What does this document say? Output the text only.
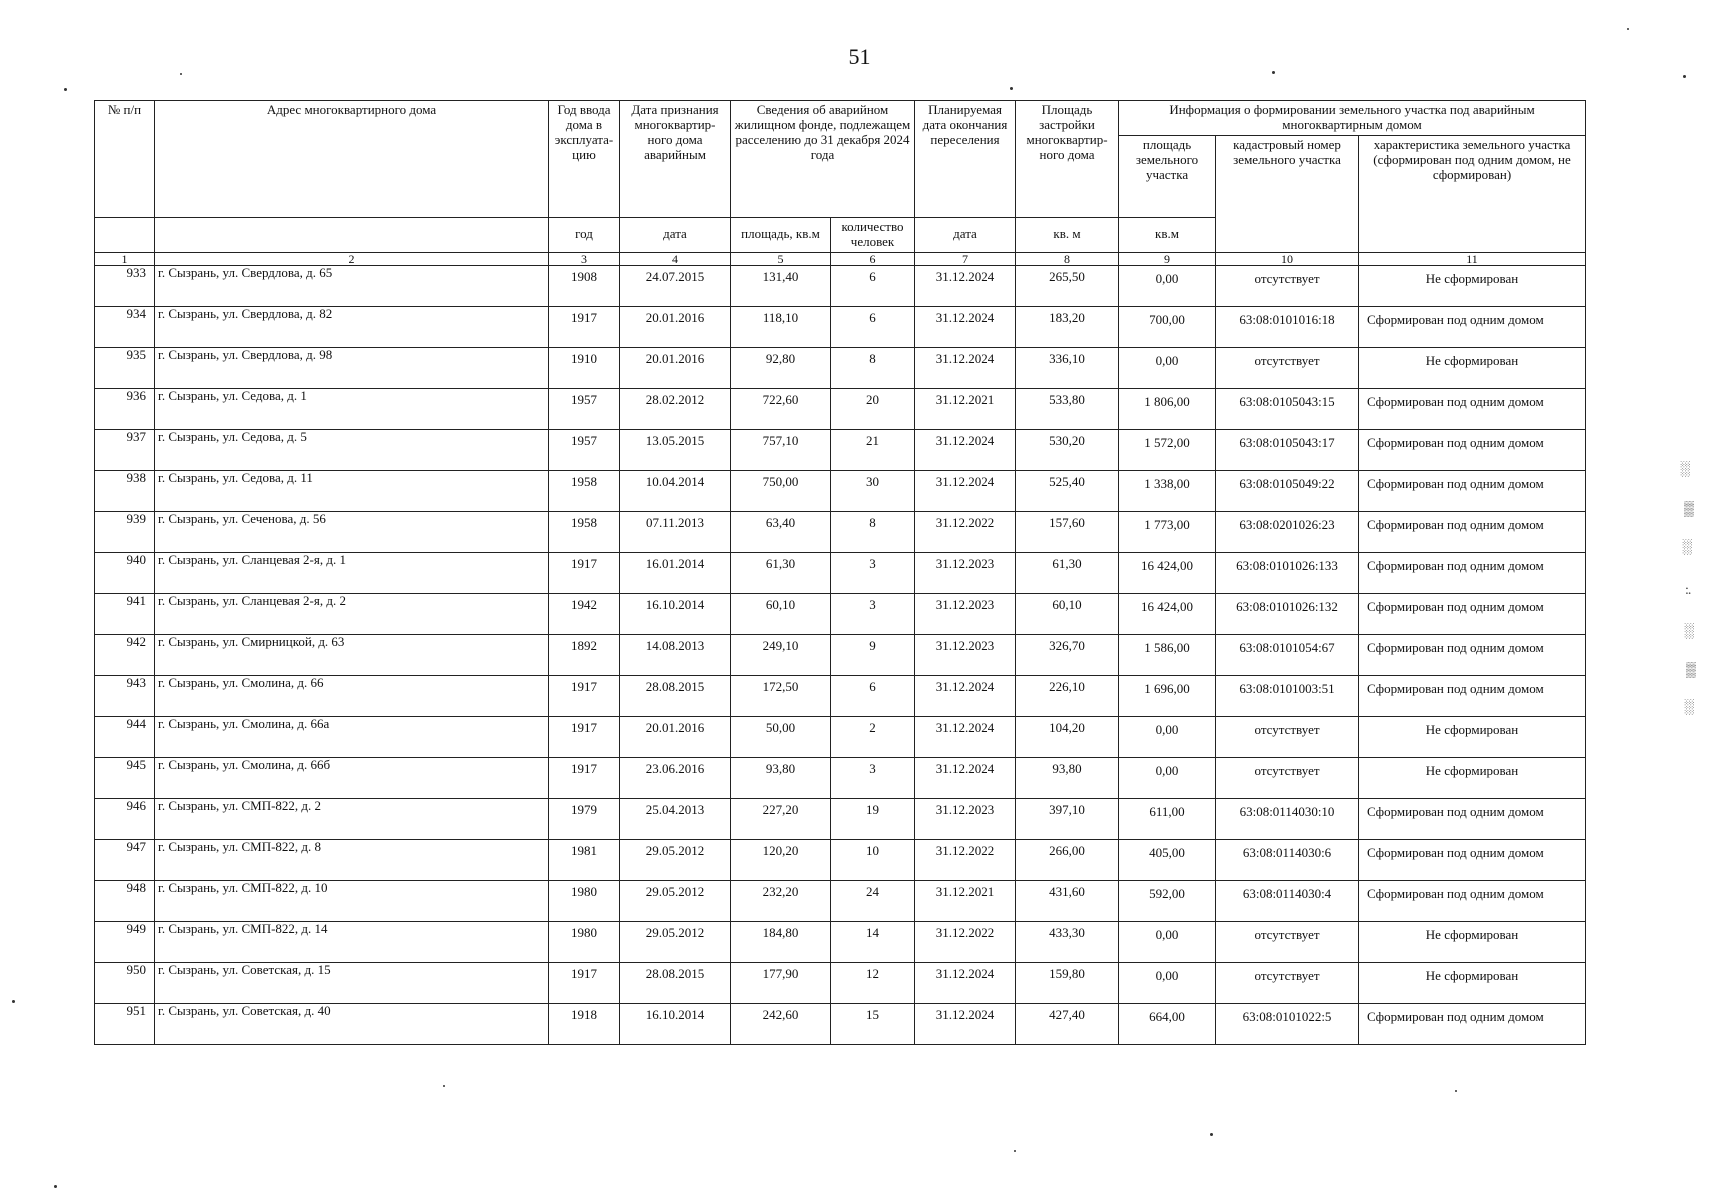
51
№ п/п	Адрес многоквартирного дома	Год ввода дома в эксплуата- цию	Дата признания многоквартир- ного дома аварийным	Сведения об аварийном жилищном фонде, подлежащем расселению до 31 декабря 2024 года		Планируемая дата окончания переселения	Площадь застройки многоквартир- ного дома	Информация о формировании земельного участка под аварийным многоквартирным домом		
								площадь земельного участка	кадастровый номер земельного участка	характеристика земельного участка (сформирован под одним домом, не сформирован)
		год	дата	площадь, кв.м	количество человек	дата	кв. м	кв.м		
1	2	3	4	5	6	7	8	9	10	11
933	г. Сызрань, ул. Свердлова, д. 65	1908	24.07.2015	131,40	6	31.12.2024	265,50	0,00	отсутствует	Не сформирован
934	г. Сызрань, ул. Свердлова, д. 82	1917	20.01.2016	118,10	6	31.12.2024	183,20	700,00	63:08:0101016:18	Сформирован под одним домом
935	г. Сызрань, ул. Свердлова, д. 98	1910	20.01.2016	92,80	8	31.12.2024	336,10	0,00	отсутствует	Не сформирован
936	г. Сызрань, ул. Седова, д. 1	1957	28.02.2012	722,60	20	31.12.2021	533,80	1 806,00	63:08:0105043:15	Сформирован под одним домом
937	г. Сызрань, ул. Седова, д. 5	1957	13.05.2015	757,10	21	31.12.2024	530,20	1 572,00	63:08:0105043:17	Сформирован под одним домом
938	г. Сызрань, ул. Седова, д. 11	1958	10.04.2014	750,00	30	31.12.2024	525,40	1 338,00	63:08:0105049:22	Сформирован под одним домом
939	г. Сызрань, ул. Сеченова, д. 56	1958	07.11.2013	63,40	8	31.12.2022	157,60	1 773,00	63:08:0201026:23	Сформирован под одним домом
940	г. Сызрань, ул. Сланцевая 2-я, д. 1	1917	16.01.2014	61,30	3	31.12.2023	61,30	16 424,00	63:08:0101026:133	Сформирован под одним домом
941	г. Сызрань, ул. Сланцевая 2-я, д. 2	1942	16.10.2014	60,10	3	31.12.2023	60,10	16 424,00	63:08:0101026:132	Сформирован под одним домом
942	г. Сызрань, ул. Смирницкой, д. 63	1892	14.08.2013	249,10	9	31.12.2023	326,70	1 586,00	63:08:0101054:67	Сформирован под одним домом
943	г. Сызрань, ул. Смолина, д. 66	1917	28.08.2015	172,50	6	31.12.2024	226,10	1 696,00	63:08:0101003:51	Сформирован под одним домом
944	г. Сызрань, ул. Смолина, д. 66а	1917	20.01.2016	50,00	2	31.12.2024	104,20	0,00	отсутствует	Не сформирован
945	г. Сызрань, ул. Смолина, д. 66б	1917	23.06.2016	93,80	3	31.12.2024	93,80	0,00	отсутствует	Не сформирован
946	г. Сызрань, ул. СМП-822, д. 2	1979	25.04.2013	227,20	19	31.12.2023	397,10	611,00	63:08:0114030:10	Сформирован под одним домом
947	г. Сызрань, ул. СМП-822, д. 8	1981	29.05.2012	120,20	10	31.12.2022	266,00	405,00	63:08:0114030:6	Сформирован под одним домом
948	г. Сызрань, ул. СМП-822, д. 10	1980	29.05.2012	232,20	24	31.12.2021	431,60	592,00	63:08:0114030:4	Сформирован под одним домом
949	г. Сызрань, ул. СМП-822, д. 14	1980	29.05.2012	184,80	14	31.12.2022	433,30	0,00	отсутствует	Не сформирован
950	г. Сызрань, ул. Советская, д. 15	1917	28.08.2015	177,90	12	31.12.2024	159,80	0,00	отсутствует	Не сформирован
951	г. Сызрань, ул. Советская, д. 40	1918	16.10.2014	242,60	15	31.12.2024	427,40	664,00	63:08:0101022:5	Сформирован под одним домом
░
▒
░
:.
░
▒
░
